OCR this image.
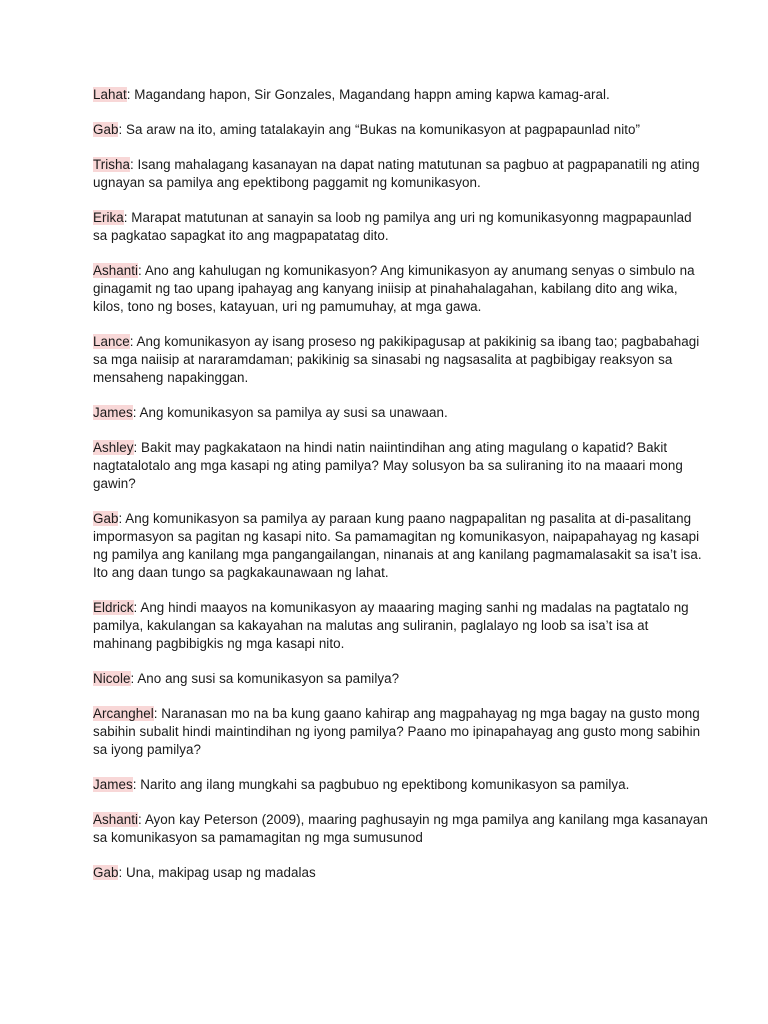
Lahat: Magandang hapon, Sir Gonzales, Magandang happn aming kapwa kamag-aral.

Gab: Sa araw na ito, aming tatalakayin ang “Bukas na komunikasyon at pagpapaunlad nito”

Trisha: Isang mahalagang kasanayan na dapat nating matutunan sa pagbuo at pagpapanatili ng ating ugnayan sa pamilya ang epektibong paggamit ng komunikasyon.

Erika: Marapat matutunan at sanayin sa loob ng pamilya ang uri ng komunikasyonng magpapaunlad sa pagkatao sapagkat ito ang magpapatatag dito.

Ashanti: Ano ang kahulugan ng komunikasyon? Ang kimunikasyon ay anumang senyas o simbulo na ginagamit ng tao upang ipahayag ang kanyang iniisip at pinahahalagahan, kabilang dito ang wika, kilos, tono ng boses, katayuan, uri ng pamumuhay, at mga gawa.

Lance: Ang komunikasyon ay isang proseso ng pakikipagusap at pakikinig sa ibang tao; pagbabahagi sa mga naiisip at nararamdaman; pakikinig sa sinasabi ng nagsasalita at pagbibigay reaksyon sa mensaheng napakinggan.

James: Ang komunikasyon sa pamilya ay susi sa unawaan.

Ashley: Bakit may pagkakataon na hindi natin naiintindihan ang ating magulang o kapatid? Bakit nagtatalotalo ang mga kasapi ng ating pamilya? May solusyon ba sa suliraning ito na maaari mong gawin?

Gab: Ang komunikasyon sa pamilya ay paraan kung paano nagpapalitan ng pasalita at di-pasalitang impormasyon sa pagitan ng kasapi nito. Sa pamamagitan ng komunikasyon, naipapahayag ng kasapi ng pamilya ang kanilang mga pangangailangan, ninanais at ang kanilang pagmamalasakit sa isa’t isa. Ito ang daan tungo sa pagkakaunawaan ng lahat.

Eldrick: Ang hindi maayos na komunikasyon ay maaaring maging sanhi ng madalas na pagtatalo ng pamilya, kakulangan sa kakayahan na malutas ang suliranin, paglalayo ng loob sa isa’t isa at mahinang pagbibigkis ng mga kasapi nito.

Nicole: Ano ang susi sa komunikasyon sa pamilya?

Arcanghel: Naranasan mo na ba kung gaano kahirap ang magpahayag ng mga bagay na gusto mong sabihin subalit hindi maintindihan ng iyong pamilya? Paano mo ipinapahayag ang gusto mong sabihin sa iyong pamilya?

James: Narito ang ilang mungkahi sa pagbubuo ng epektibong komunikasyon sa pamilya.

Ashanti: Ayon kay Peterson (2009), maaring paghusayin ng mga pamilya ang kanilang mga kasanayan sa komunikasyon sa pamamagitan ng mga sumusunod

Gab: Una, makipag usap ng madalas
